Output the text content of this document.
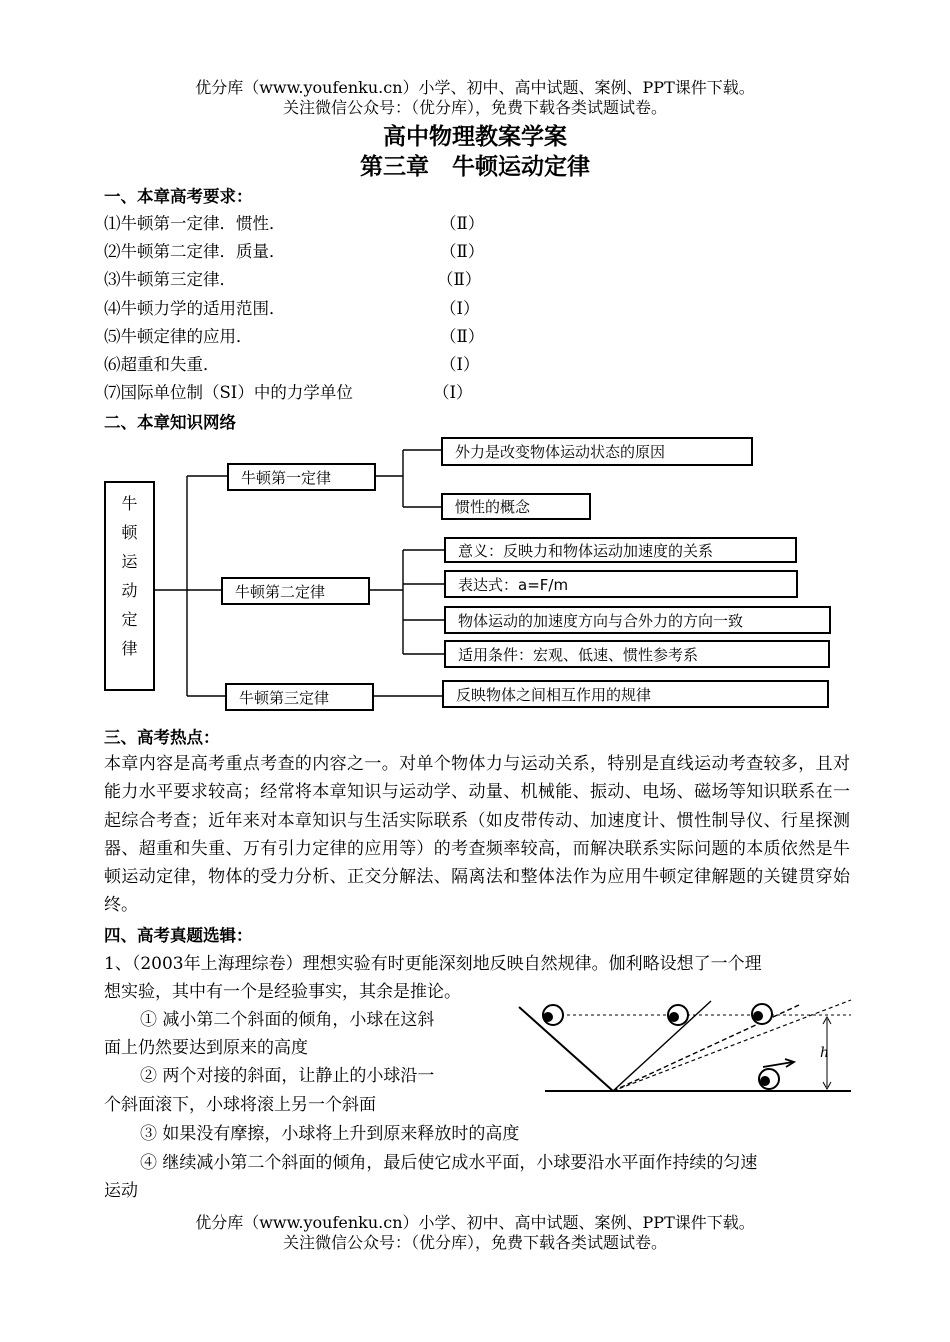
优分库（www.youfenku.cn）小学、初中、高中试题、案例、PPT课件下载。
关注微信公众号：（优分库），免费下载各类试题试卷。
高中物理教案学案
第三章　牛顿运动定律
一、本章高考要求：
⑴牛顿第一定律．惯性．	（Ⅱ）
⑵牛顿第二定律．质量．	（Ⅱ）
⑶牛顿第三定律．	（Ⅱ）
⑷牛顿力学的适用范围．	（Ⅰ）
⑸牛顿定律的应用．	（Ⅱ）
⑹超重和失重．	（Ⅰ）
⑺国际单位制（SI）中的力学单位	（Ⅰ）
二、本章知识网络
牛
顿
运
动
定
律
牛顿第一定律
外力是改变物体运动状态的原因
惯性的概念
牛顿第二定律
意义：反映力和物体运动加速度的关系
表达式：a=F/m
物体运动的加速度方向与合外力的方向一致
适用条件：宏观、低速、惯性参考系
牛顿第三定律	反映物体之间相互作用的规律
三、高考热点：
本章内容是高考重点考查的内容之一。对单个物体力与运动关系，特别是直线运动考查较多，且对能力水平要求较高；经常将本章知识与运动学、动量、机械能、振动、电场、磁场等知识联系在一起综合考查；近年来对本章知识与生活实际联系（如皮带传动、加速度计、惯性制导仪、行星探测器、超重和失重、万有引力定律的应用等）的考查频率较高，而解决联系实际问题的本质依然是牛顿运动定律，物体的受力分析、正交分解法、隔离法和整体法作为应用牛顿定律解题的关键贯穿始终。
四、高考真题选辑：
1、（2003年上海理综卷）理想实验有时更能深刻地反映自然规律。伽利略设想了一个理
想实验，其中有一个是经验事实，其余是推论。
① 减小第二个斜面的倾角，小球在这斜
面上仍然要达到原来的高度
② 两个对接的斜面，让静止的小球沿一
个斜面滚下，小球将滚上另一个斜面
③ 如果没有摩擦，小球将上升到原来释放时的高度
④ 继续减小第二个斜面的倾角，最后使它成水平面，小球要沿水平面作持续的匀速
运动
h
优分库（www.youfenku.cn）小学、初中、高中试题、案例、PPT课件下载。
关注微信公众号：（优分库），免费下载各类试题试卷。
